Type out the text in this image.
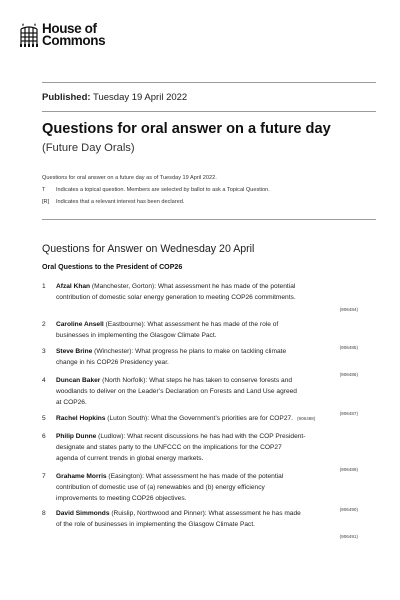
House of
Commons
Published: Tuesday 19 April 2022
Questions for oral answer on a future day
(Future Day Orals)
Questions for oral answer on a future day as of Tuesday 19 April 2022.
T	Indicates a topical question. Members are selected by ballot to ask a Topical Question.
[R]	Indicates that a relevant interest has been declared.
Questions for Answer on Wednesday 20 April
Oral Questions to the President of COP26
1	Afzal Khan (Manchester, Gorton): What assessment he has made of the potential
contribution of domestic solar energy generation to meeting COP26 commitments.
(906484)
2	Caroline Ansell (Eastbourne): What assessment he has made of the role of
businesses in implementing the Glasgow Climate Pact.
(906485)
3	Steve Brine (Winchester): What progress he plans to make on tackling climate
change in his COP26 Presidency year.
(906486)
4	Duncan Baker (North Norfolk): What steps he has taken to conserve forests and
woodlands to deliver on the Leader’s Declaration on Forests and Land Use agreed
at COP26.
(906487)
5	Rachel Hopkins (Luton South): What the Government’s priorities are for COP27. (906488)
6	Philip Dunne (Ludlow): What recent discussions he has had with the COP President-
designate and states party to the UNFCCC on the implications for the COP27
agenda of current trends in global energy markets.
(906489)
7	Grahame Morris (Easington): What assessment he has made of the potential
contribution of domestic use of (a) renewables and (b) energy efficiency
improvements to meeting COP26 objectives.
(906490)
8	David Simmonds (Ruislip, Northwood and Pinner): What assessment he has made
of the role of businesses in implementing the Glasgow Climate Pact.
(906491)
